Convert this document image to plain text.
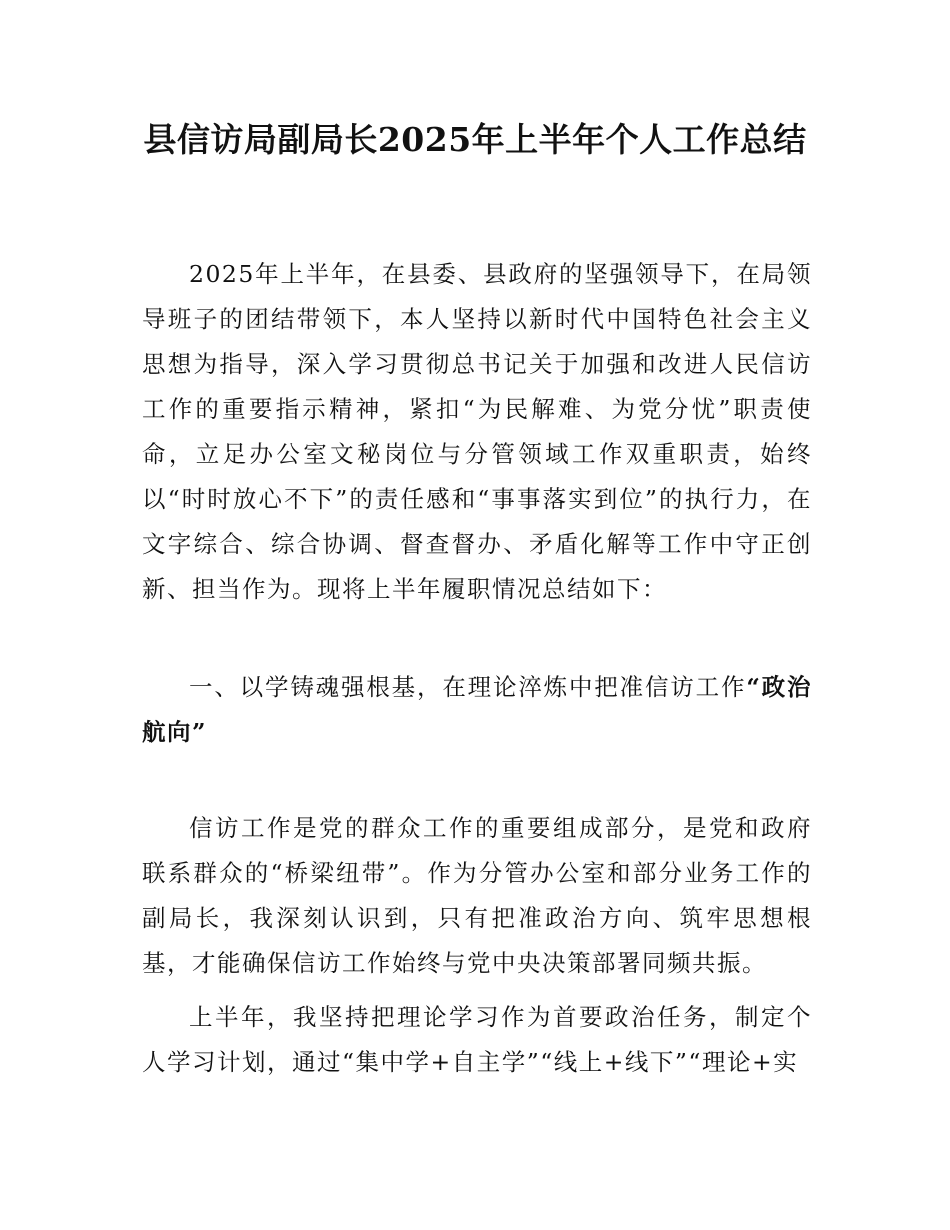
县信访局副局长2025年上半年个人工作总结

2025年上半年，在县委、县政府的坚强领导下，在局领导班子的团结带领下，本人坚持以新时代中国特色社会主义思想为指导，深入学习贯彻总书记关于加强和改进人民信访工作的重要指示精神，紧扣“为民解难、为党分忧”职责使命，立足办公室文秘岗位与分管领域工作双重职责，始终以“时时放心不下”的责任感和“事事落实到位”的执行力，在文字综合、综合协调、督查督办、矛盾化解等工作中守正创新、担当作为。现将上半年履职情况总结如下：

一、以学铸魂强根基，在理论淬炼中把准信访工作“政治航向”

信访工作是党的群众工作的重要组成部分，是党和政府联系群众的“桥梁纽带”。作为分管办公室和部分业务工作的副局长，我深刻认识到，只有把准政治方向、筑牢思想根基，才能确保信访工作始终与党中央决策部署同频共振。

上半年，我坚持把理论学习作为首要政治任务，制定个人学习计划，通过“集中学+自主学”“线上+线下”“理论+实
